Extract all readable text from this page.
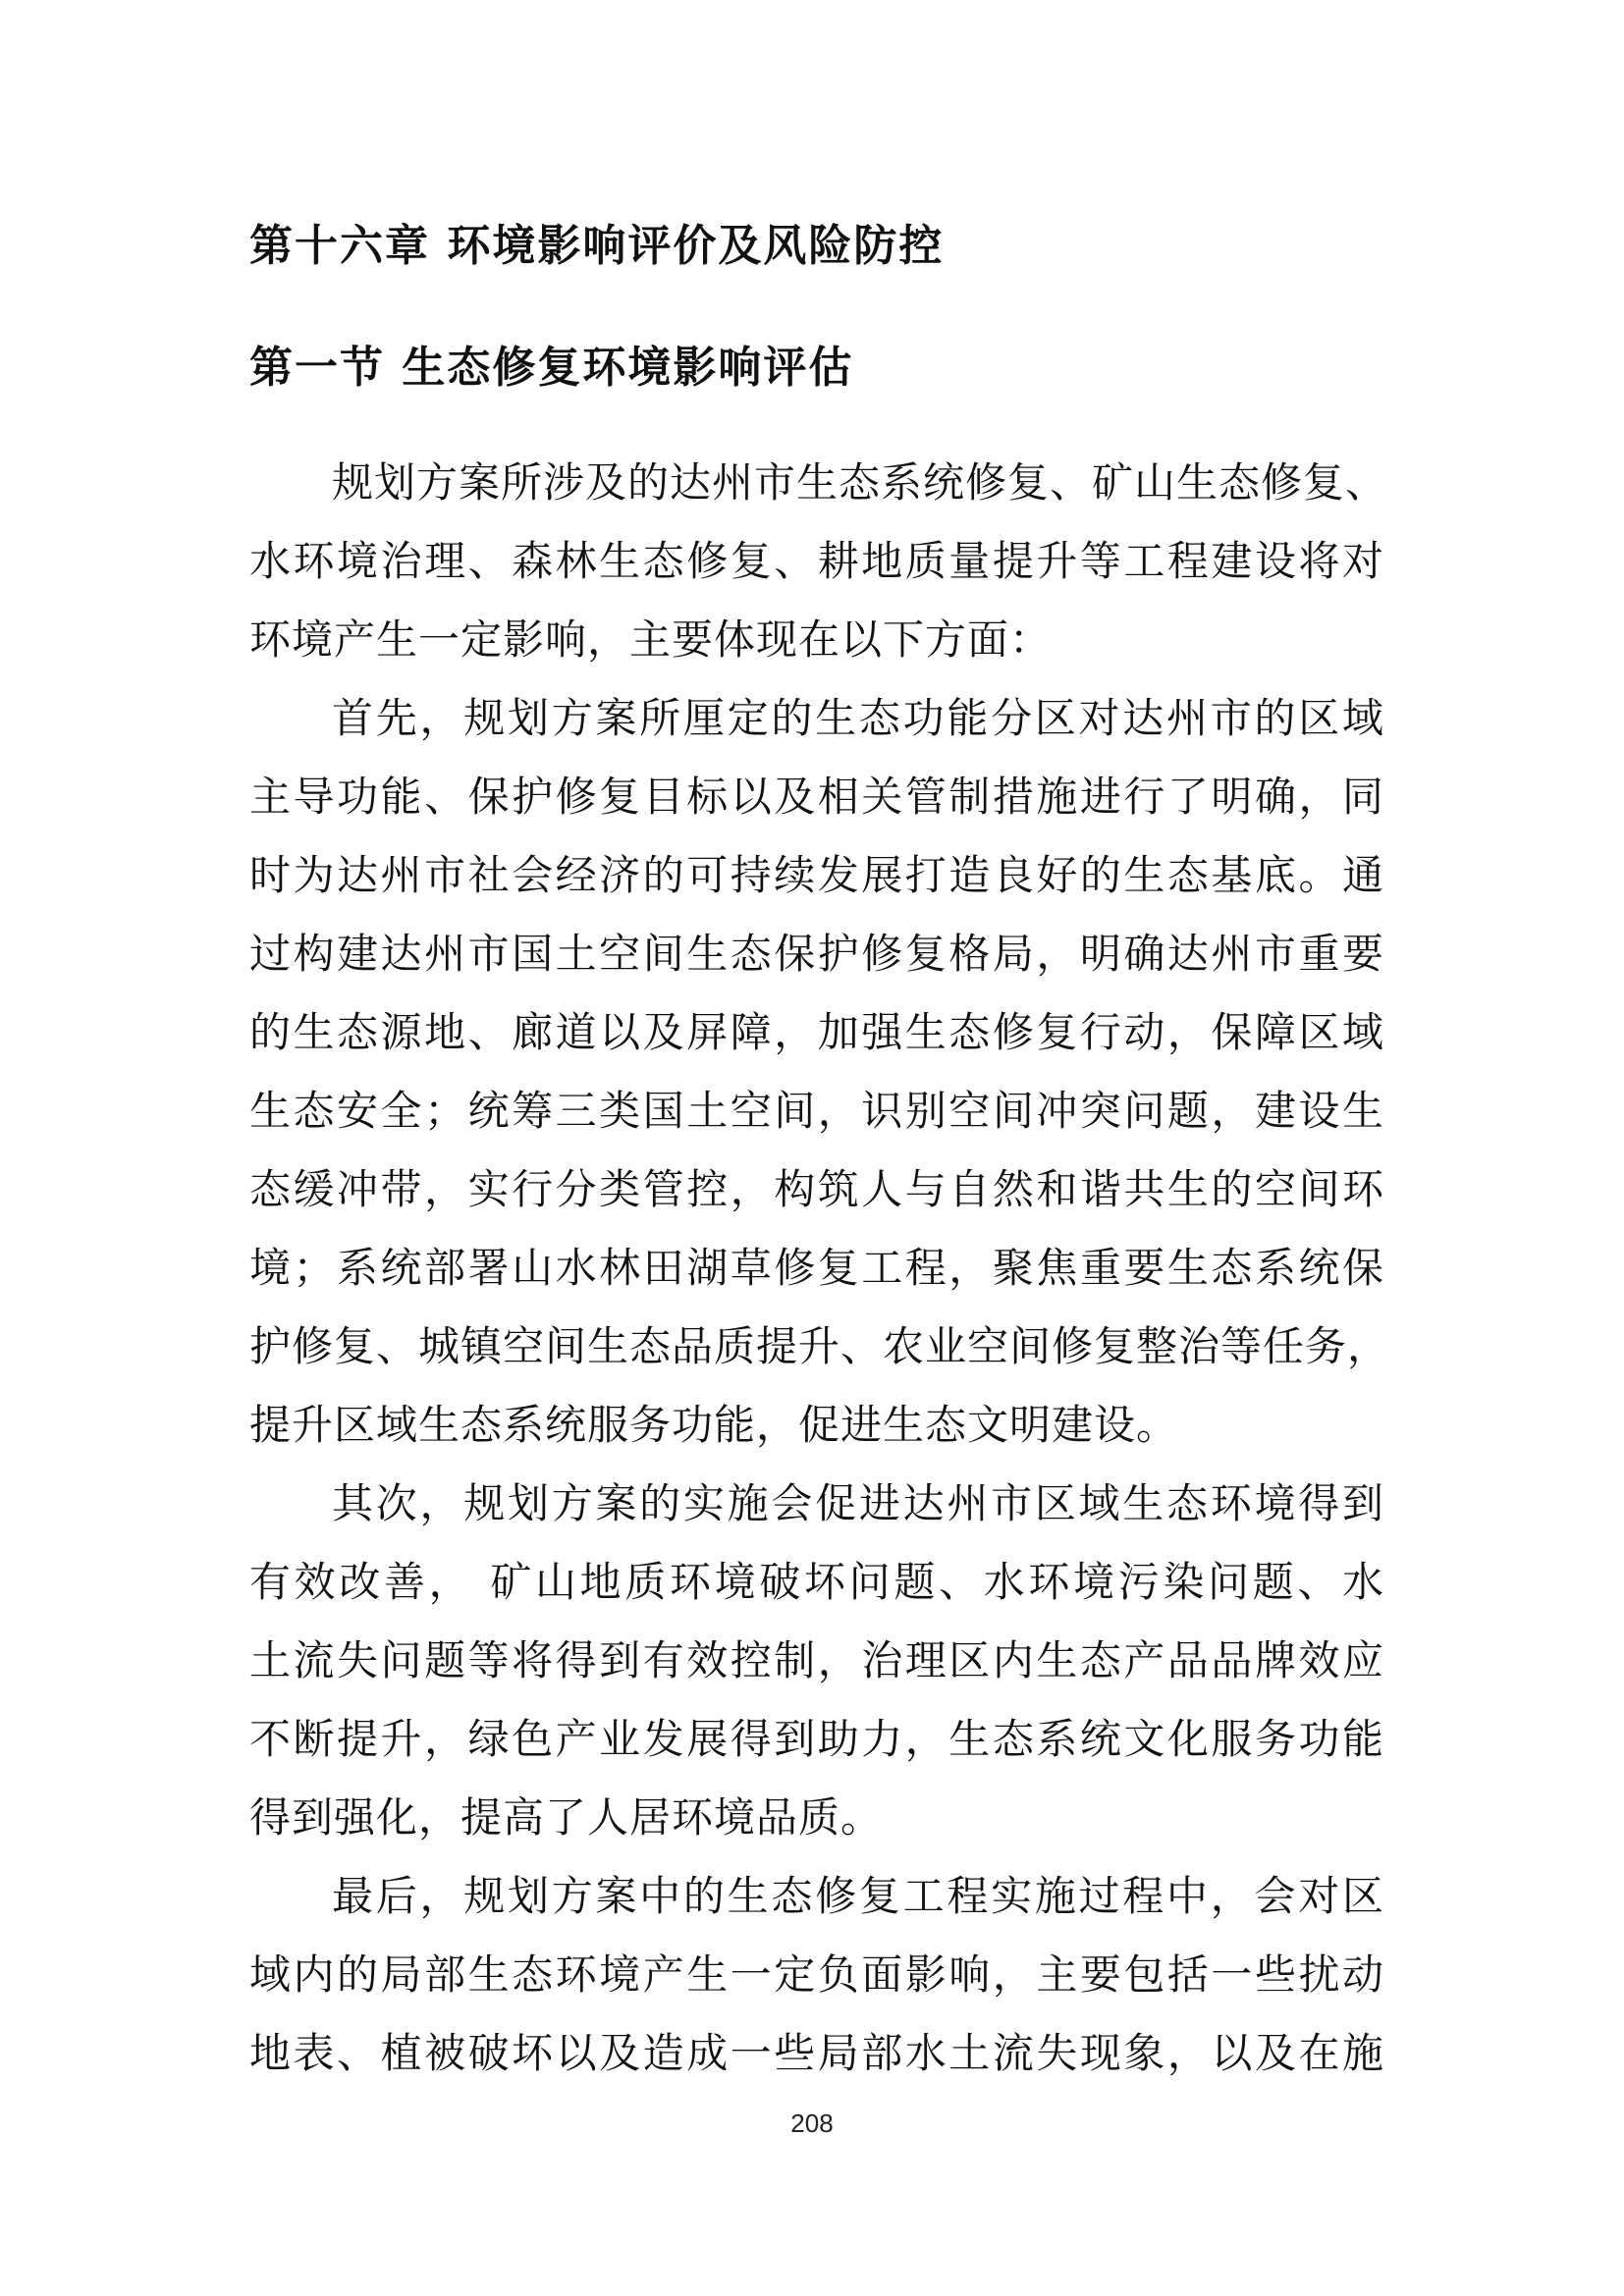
第十六章 环境影响评价及风险防控
第一节 生态修复环境影响评估
规划方案所涉及的达州市生态系统修复、矿山生态修复、
水环境治理、森林生态修复、耕地质量提升等工程建设将对
环境产生一定影响，主要体现在以下方面：
首先，规划方案所厘定的生态功能分区对达州市的区域
主导功能、保护修复目标以及相关管制措施进行了明确，同
时为达州市社会经济的可持续发展打造良好的生态基底。通
过构建达州市国土空间生态保护修复格局，明确达州市重要
的生态源地、廊道以及屏障，加强生态修复行动，保障区域
生态安全；统筹三类国土空间，识别空间冲突问题，建设生
态缓冲带，实行分类管控，构筑人与自然和谐共生的空间环
境；系统部署山水林田湖草修复工程，聚焦重要生态系统保
护修复、城镇空间生态品质提升、农业空间修复整治等任务，
提升区域生态系统服务功能，促进生态文明建设。
其次，规划方案的实施会促进达州市区域生态环境得到
有效改善， 矿山地质环境破坏问题、水环境污染问题、水
土流失问题等将得到有效控制，治理区内生态产品品牌效应
不断提升，绿色产业发展得到助力，生态系统文化服务功能
得到强化，提高了人居环境品质。
最后，规划方案中的生态修复工程实施过程中，会对区
域内的局部生态环境产生一定负面影响，主要包括一些扰动
地表、植被破坏以及造成一些局部水土流失现象，以及在施
208
